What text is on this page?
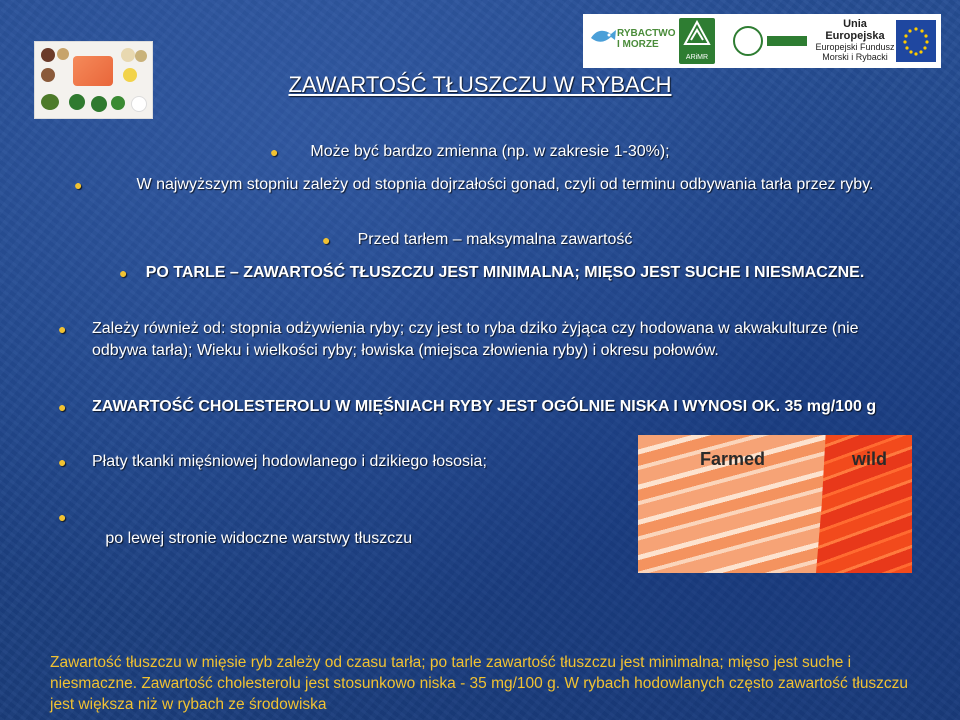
RYBACTWO
I MORZE
ARiMR
Unia Europejska
Europejski Fundusz
Morski i Rybacki
ZAWARTOŚĆ TŁUSZCZU W RYBACH
● Może być bardzo zmienna (np. w zakresie 1-30%);
●	W najwyższym stopniu zależy od stopnia dojrzałości gonad, czyli od terminu odbywania tarła przez ryby.
● Przed tarłem – maksymalna zawartość
● PO TARLE – ZAWARTOŚĆ TŁUSZCZU JEST MINIMALNA; MIĘSO JEST SUCHE I NIESMACZNE.
● Zależy również od: stopnia odżywienia ryby; czy jest to ryba dziko żyjąca czy hodowana w akwakulturze (nie odbywa tarła); Wieku i wielkości ryby; łowiska (miejsca złowienia ryby) i okresu połowów.
● ZAWARTOŚĆ CHOLESTEROLU W MIĘŚNIACH RYBY JEST OGÓLNIE NISKA I WYNOSI OK. 35 mg/100 g
● Płaty tkanki mięśniowej hodowlanego i dzikiego łososia;

●

po lewej stronie widoczne warstwy tłuszczu

Farmed	wild
Zawartość tłuszczu w mięsie ryb zależy od czasu tarła; po tarle zawartość tłuszczu jest minimalna; mięso jest suche i niesmaczne. Zawartość cholesterolu jest stosunkowo niska - 35 mg/100 g. W rybach hodowlanych często zawartość tłuszczu jest większa niż w rybach ze środowiska
